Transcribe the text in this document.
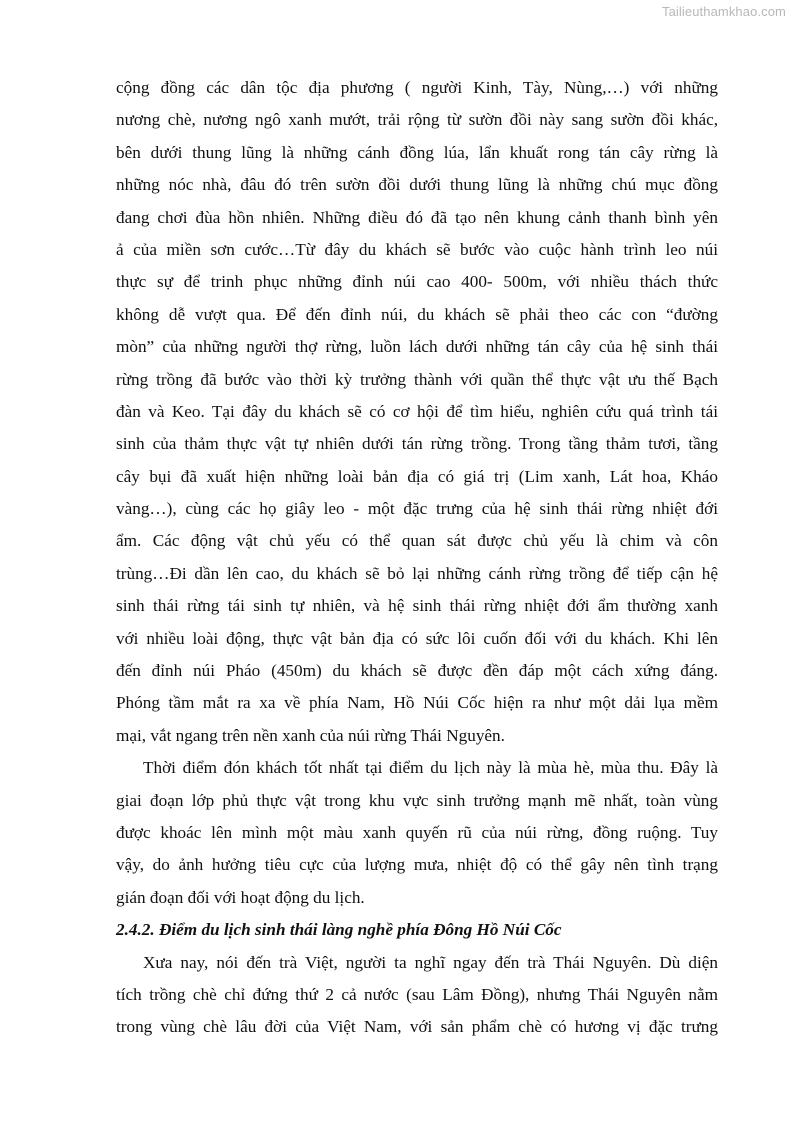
Tailieuthamkhao.com
cộng đồng các dân tộc địa phương ( người Kinh, Tày, Nùng,…) với những
nương chè, nương ngô xanh mướt, trải rộng từ sườn đồi này sang sườn đồi khác,
bên dưới thung lũng là những cánh đồng lúa, lẩn khuất rong tán cây rừng là
những nóc nhà, đâu đó trên sườn đồi dưới thung lũng là những chú mục đồng
đang chơi đùa hồn nhiên. Những điều đó đã tạo nên khung cảnh thanh bình yên
ả của miền sơn cước…Từ đây du khách sẽ bước vào cuộc hành trình leo núi
thực sự để trinh phục những đỉnh núi cao 400- 500m, với nhiều thách thức
không dễ vượt qua. Để đến đỉnh núi, du khách sẽ phải theo các con “đường
mòn” của những người thợ rừng, luồn lách dưới những tán cây của hệ sinh thái
rừng trồng đã bước vào thời kỳ trưởng thành với quần thể thực vật ưu thế Bạch
đàn và Keo. Tại đây du khách sẽ có cơ hội để tìm hiểu, nghiên cứu quá trình tái
sinh của thảm thực vật tự nhiên dưới tán rừng trồng. Trong tầng thảm tươi, tầng
cây bụi đã xuất hiện những loài bản địa có giá trị (Lim xanh, Lát hoa, Kháo
vàng…), cùng các họ giây leo - một đặc trưng của hệ sinh thái rừng nhiệt đới
ẩm. Các động vật chủ yếu có thể quan sát được chủ yếu là chim và côn
trùng…Đi dần lên cao, du khách sẽ bỏ lại những cánh rừng trồng để tiếp cận hệ
sinh thái rừng tái sinh tự nhiên, và hệ sinh thái rừng nhiệt đới ẩm thường xanh
với nhiều loài động, thực vật bản địa có sức lôi cuốn đối với du khách. Khi lên
đến đỉnh núi Pháo (450m) du khách sẽ được đền đáp một cách xứng đáng.
Phóng tầm mắt ra xa về phía Nam, Hồ Núi Cốc hiện ra như một dải lụa mềm
mại, vắt ngang trên nền xanh của núi rừng Thái Nguyên.
Thời điểm đón khách tốt nhất tại điểm du lịch này là mùa hè, mùa thu. Đây là
giai đoạn lớp phủ thực vật trong khu vực sinh trưởng mạnh mẽ nhất, toàn vùng
được khoác lên mình một màu xanh quyến rũ của núi rừng, đồng ruộng. Tuy
vậy, do ảnh hưởng tiêu cực của lượng mưa, nhiệt độ có thể gây nên tình trạng
gián đoạn đối với hoạt động du lịch.
2.4.2. Điểm du lịch sinh thái làng nghề phía Đông Hồ Núi Cốc
Xưa nay, nói đến trà Việt, người ta nghĩ ngay đến trà Thái Nguyên. Dù diện
tích trồng chè chỉ đứng thứ 2 cả nước (sau Lâm Đồng), nhưng Thái Nguyên nằm
trong vùng chè lâu đời của Việt Nam, với sản phẩm chè có hương vị đặc trưng
